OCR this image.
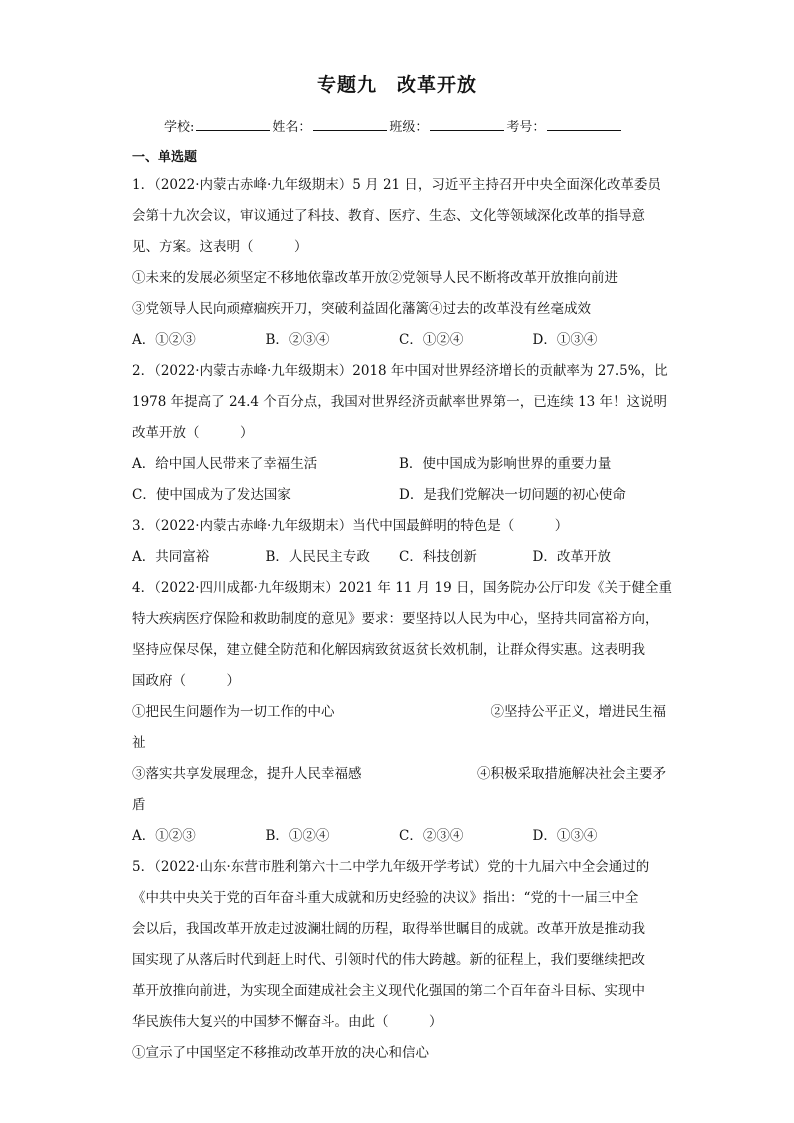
专题九　改革开放
学校:	姓名：	班级：	考号：
一、单选题
1．（2022·内蒙古赤峰·九年级期末）5 月 21 日，习近平主持召开中央全面深化改革委员
会第十九次会议，审议通过了科技、教育、医疗、生态、文化等领域深化改革的指导意
见、方案。这表明（　　　）
①未来的发展必须坚定不移地依靠改革开放②党领导人民不断将改革开放推向前进
③党领导人民向顽瘴痼疾开刀，突破利益固化藩篱④过去的改革没有丝毫成效
A．①②③	B．②③④	C．①②④	D．①③④
2．（2022·内蒙古赤峰·九年级期末）2018 年中国对世界经济增长的贡献率为 27.5%，比
1978 年提高了 24.4 个百分点，我国对世界经济贡献率世界第一，已连续 13 年！这说明
改革开放（　　　）
A．给中国人民带来了幸福生活	B．使中国成为影响世界的重要力量
C．使中国成为了发达国家	D．是我们党解决一切问题的初心使命
3．（2022·内蒙古赤峰·九年级期末）当代中国最鲜明的特色是（　　　）
A．共同富裕	B．人民民主专政	C．科技创新	D．改革开放
4．（2022·四川成都·九年级期末）2021 年 11 月 19 日，国务院办公厅印发《关于健全重
特大疾病医疗保险和救助制度的意见》要求：要坚持以人民为中心，坚持共同富裕方向，
坚持应保尽保，建立健全防范和化解因病致贫返贫长效机制，让群众得实惠。这表明我
国政府（　　　）
①把民生问题作为一切工作的中心	②坚持公平正义，增进民生福
祉
③落实共享发展理念，提升人民幸福感	④积极采取措施解决社会主要矛
盾
A．①②③	B．①②④	C．②③④	D．①③④
5．（2022·山东·东营市胜利第六十二中学九年级开学考试）党的十九届六中全会通过的
《中共中央关于党的百年奋斗重大成就和历史经验的决议》指出：“党的十一届三中全
会以后，我国改革开放走过波澜壮阔的历程，取得举世瞩目的成就。改革开放是推动我
国实现了从落后时代到赶上时代、引领时代的伟大跨越。新的征程上，我们要继续把改
革开放推向前进，为实现全面建成社会主义现代化强国的第二个百年奋斗目标、实现中
华民族伟大复兴的中国梦不懈奋斗。由此（　　　）
①宣示了中国坚定不移推动改革开放的决心和信心
